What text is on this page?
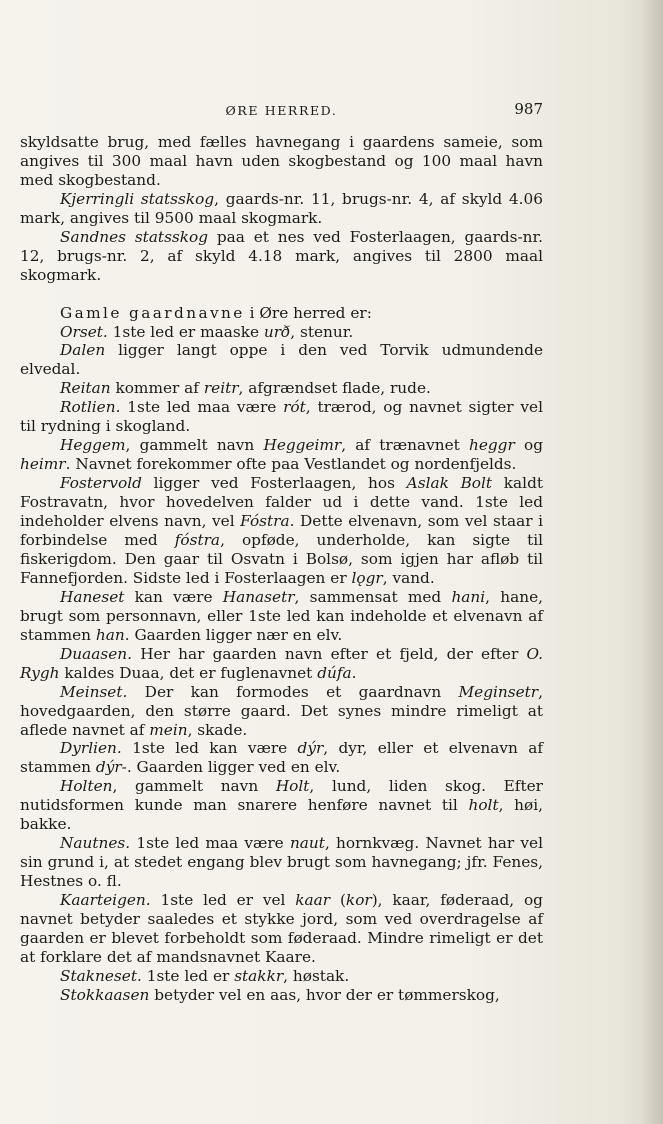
ØRE HERRED.	987

skyldsatte brug, med fælles havnegang i gaardens sameie, som angives til 300 maal havn uden skogbestand og 100 maal havn med skogbestand.

Kjerringli statsskog, gaards-nr. 11, brugs-nr. 4, af skyld 4.06 mark, angives til 9500 maal skogmark.

Sandnes statsskog paa et nes ved Fosterlaagen, gaards-nr. 12, brugs-nr. 2, af skyld 4.18 mark, angives til 2800 maal skogmark.

Gamle gaardnavne i Øre herred er:

Orset. 1ste led er maaske urð, stenur.

Dalen ligger langt oppe i den ved Torvik udmundende elvedal.

Reitan kommer af reitr, afgrændset flade, rude.

Rotlien. 1ste led maa være rót, trærod, og navnet sigter vel til rydning i skogland.

Heggem, gammelt navn Heggeimr, af trænavnet heggr og heimr. Navnet forekommer ofte paa Vestlandet og nordenfjelds.

Fostervold ligger ved Fosterlaagen, hos Aslak Bolt kaldt Fostravatn, hvor hovedelven falder ud i dette vand. 1ste led indeholder elvens navn, vel Fóstra. Dette elvenavn, som vel staar i forbindelse med fóstra, opføde, underholde, kan sigte til fiskerigdom. Den gaar til Osvatn i Bolsø, som igjen har afløb til Fannefjorden. Sidste led i Fosterlaagen er lǫgr, vand.

Haneset kan være Hanasetr, sammensat med hani, hane, brugt som personnavn, eller 1ste led kan indeholde et elvenavn af stammen han. Gaarden ligger nær en elv.

Duaasen. Her har gaarden navn efter et fjeld, der efter O. Rygh kaldes Duaa, det er fuglenavnet dúfa.

Meinset. Der kan formodes et gaardnavn Meginsetr, hovedgaarden, den større gaard. Det synes mindre rimeligt at aflede navnet af mein, skade.

Dyrlien. 1ste led kan være dýr, dyr, eller et elvenavn af stammen dýr-. Gaarden ligger ved en elv.

Holten, gammelt navn Holt, lund, liden skog. Efter nutidsformen kunde man snarere henføre navnet til holt, høi, bakke.

Nautnes. 1ste led maa være naut, hornkvæg. Navnet har vel sin grund i, at stedet engang blev brugt som havnegang; jfr. Fenes, Hestnes o. fl.

Kaarteigen. 1ste led er vel kaar (kor), kaar, føderaad, og navnet betyder saaledes et stykke jord, som ved overdragelse af gaarden er blevet forbeholdt som føderaad. Mindre rimeligt er det at forklare det af mandsnavnet Kaare.

Stakneset. 1ste led er stakkr, høstak.

Stokkaasen betyder vel en aas, hvor der er tømmerskog,
